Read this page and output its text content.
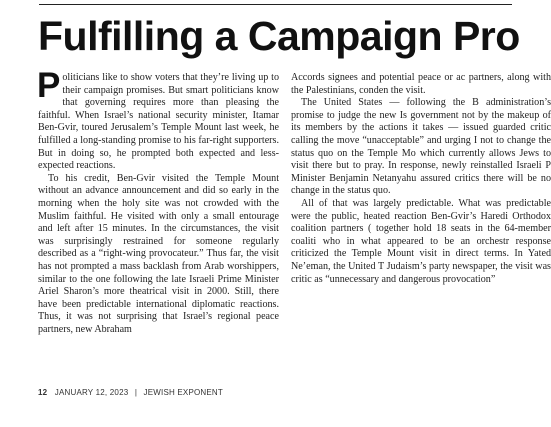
Fulfilling a Campaign Pro

Politicians like to show voters that they’re living up to their campaign promises. But smart politicians know that governing requires more than pleasing the faithful. When Israel’s national security minister, Itamar Ben-Gvir, toured Jerusalem’s Temple Mount last week, he fulfilled a long-standing promise to his far-right supporters. But in doing so, he prompted both expected and less-expected reactions.

To his credit, Ben-Gvir visited the Temple Mount without an advance announcement and did so early in the morning when the holy site was not crowded with the Muslim faithful. He visited with only a small entourage and left after 15 minutes. In the circumstances, the visit was surprisingly restrained for someone regularly described as a “right-wing provocateur.” Thus far, the visit has not prompted a mass backlash from Arab worshippers, similar to the one following the late Israeli Prime Minister Ariel Sharon’s more theatrical visit in 2000. Still, there have been predictable international diplomatic reactions. Thus, it was not surprising that Israel’s regional peace partners, new Abraham

Accords signees and potential peace or ac partners, along with the Palestinians, conden the visit.

The United States — following the B administration’s promise to judge the new Is government not by the makeup of its members by the actions it takes — issued guarded critic calling the move “unacceptable” and urging I not to change the status quo on the Temple Mo which currently allows Jews to visit there but to pray. In response, newly reinstalled Israeli P Minister Benjamin Netanyahu assured critics there will be no change in the status quo.

All of that was largely predictable. What was predictable were the public, heated reaction Ben-Gvir’s Haredi Orthodox coalition partners ( together hold 18 seats in the 64-member coaliti who in what appeared to be an orchestr response criticized the Temple Mount visit in direct terms. In Yated Ne’eman, the United T Judaism’s party newspaper, the visit was critic as “unnecessary and dangerous provocation”

12 JANUARY 12, 2023 | JEWISH EXPONENT
